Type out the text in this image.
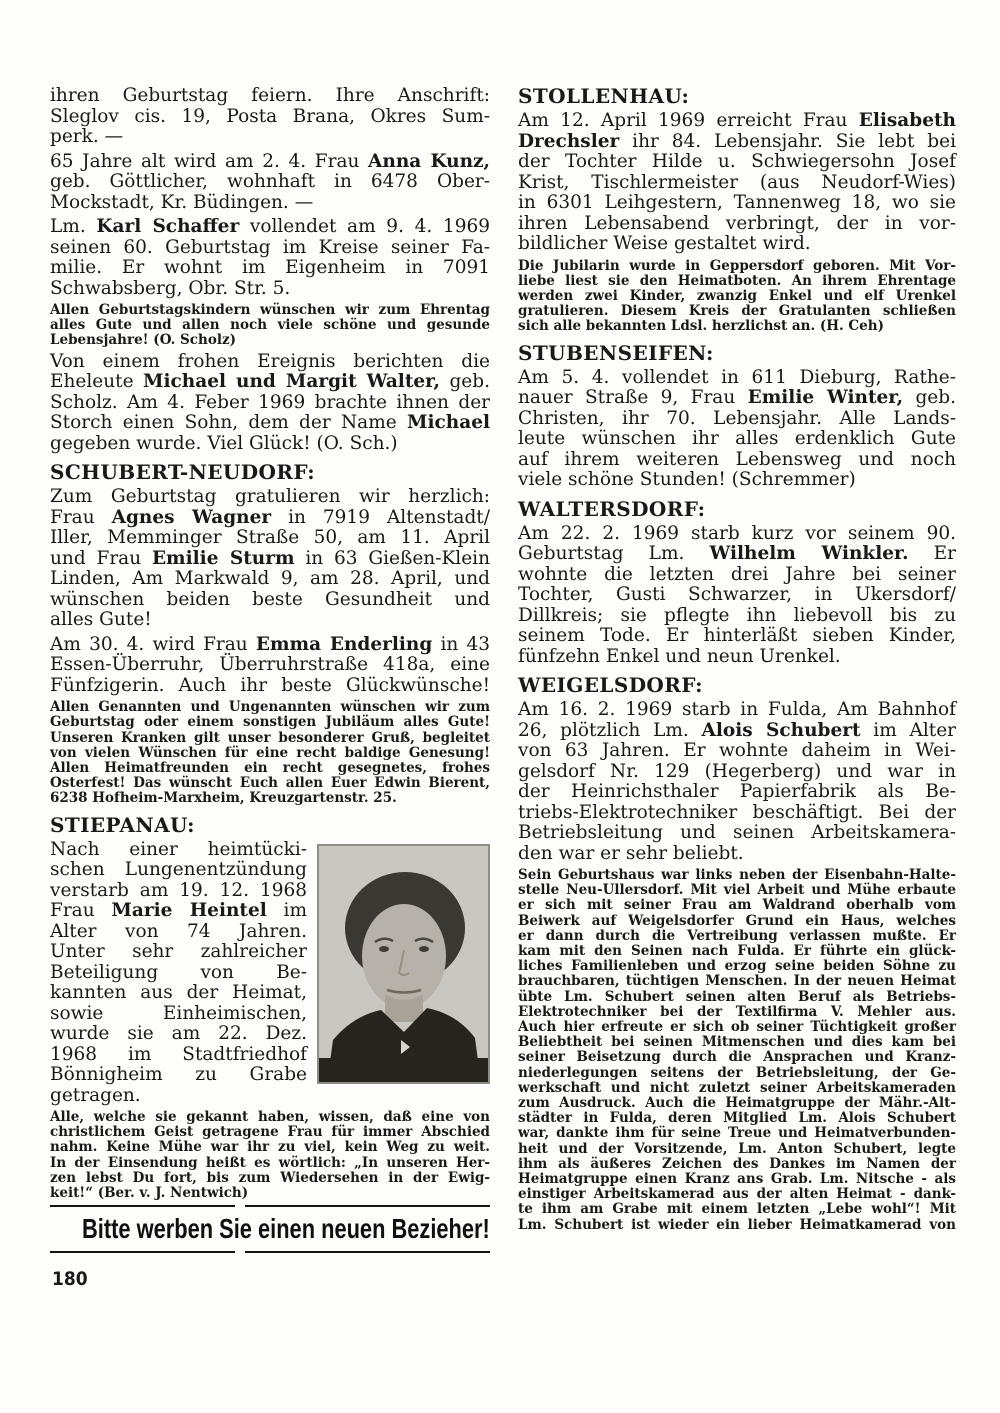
ihren Geburtstag feiern. Ihre Anschrift:
Sleglov cis. 19, Posta Brana, Okres Sum-
perk. —
65 Jahre alt wird am 2. 4. Frau Anna Kunz,
geb. Göttlicher, wohnhaft in 6478 Ober-
Mockstadt, Kr. Büdingen. —
Lm. Karl Schaffer vollendet am 9. 4. 1969
seinen 60. Geburtstag im Kreise seiner Fa-
milie. Er wohnt im Eigenheim in 7091
Schwabsberg, Obr. Str. 5.
Allen Geburtstagskindern wünschen wir zum Ehrentag
alles Gute und allen noch viele schöne und gesunde
Lebensjahre! (O. Scholz)
Von einem frohen Ereignis berichten die
Eheleute Michael und Margit Walter, geb.
Scholz. Am 4. Feber 1969 brachte ihnen der
Storch einen Sohn, dem der Name Michael
gegeben wurde. Viel Glück! (O. Sch.)
SCHUBERT-NEUDORF:
Zum Geburtstag gratulieren wir herzlich:
Frau Agnes Wagner in 7919 Altenstadt/
Iller, Memminger Straße 50, am 11. April
und Frau Emilie Sturm in 63 Gießen-Klein
Linden, Am Markwald 9, am 28. April, und
wünschen beiden beste Gesundheit und
alles Gute!
Am 30. 4. wird Frau Emma Enderling in 43
Essen-Überruhr, Überruhrstraße 418a, eine
Fünfzigerin. Auch ihr beste Glückwünsche!
Allen Genannten und Ungenannten wünschen wir zum
Geburtstag oder einem sonstigen Jubiläum alles Gute!
Unseren Kranken gilt unser besonderer Gruß, begleitet
von vielen Wünschen für eine recht baldige Genesung!
Allen Heimatfreunden ein recht gesegnetes, frohes
Osterfest! Das wünscht Euch allen Euer Edwin Bierent,
6238 Hofheim-Marxheim, Kreuzgartenstr. 25.
STIEPANAU:
Nach einer heimtücki-
schen Lungenentzündung
verstarb am 19. 12. 1968
Frau Marie Heintel im
Alter von 74 Jahren.
Unter sehr zahlreicher
Beteiligung von Be-
kannten aus der Heimat,
sowie Einheimischen,
wurde sie am 22. Dez.
1968 im Stadtfriedhof
Bönnigheim zu Grabe
getragen.
Alle, welche sie gekannt haben, wissen, daß eine von
christlichem Geist getragene Frau für immer Abschied
nahm. Keine Mühe war ihr zu viel, kein Weg zu weit.
In der Einsendung heißt es wörtlich: „In unseren Her-
zen lebst Du fort, bis zum Wiedersehen in der Ewig-
keit!“ (Ber. v. J. Nentwich)
STOLLENHAU:
Am 12. April 1969 erreicht Frau Elisabeth
Drechsler ihr 84. Lebensjahr. Sie lebt bei
der Tochter Hilde u. Schwiegersohn Josef
Krist, Tischlermeister (aus Neudorf-Wies)
in 6301 Leihgestern, Tannenweg 18, wo sie
ihren Lebensabend verbringt, der in vor-
bildlicher Weise gestaltet wird.
Die Jubilarin wurde in Geppersdorf geboren. Mit Vor-
liebe liest sie den Heimatboten. An ihrem Ehrentage
werden zwei Kinder, zwanzig Enkel und elf Urenkel
gratulieren. Diesem Kreis der Gratulanten schließen
sich alle bekannten Ldsl. herzlichst an. (H. Ceh)
STUBENSEIFEN:
Am 5. 4. vollendet in 611 Dieburg, Rathe-
nauer Straße 9, Frau Emilie Winter, geb.
Christen, ihr 70. Lebensjahr. Alle Lands-
leute wünschen ihr alles erdenklich Gute
auf ihrem weiteren Lebensweg und noch
viele schöne Stunden! (Schremmer)
WALTERSDORF:
Am 22. 2. 1969 starb kurz vor seinem 90.
Geburtstag Lm. Wilhelm Winkler. Er
wohnte die letzten drei Jahre bei seiner
Tochter, Gusti Schwarzer, in Ukersdorf/
Dillkreis; sie pflegte ihn liebevoll bis zu
seinem Tode. Er hinterläßt sieben Kinder,
fünfzehn Enkel und neun Urenkel.
WEIGELSDORF:
Am 16. 2. 1969 starb in Fulda, Am Bahnhof
26, plötzlich Lm. Alois Schubert im Alter
von 63 Jahren. Er wohnte daheim in Wei-
gelsdorf Nr. 129 (Hegerberg) und war in
der Heinrichsthaler Papierfabrik als Be-
triebs-Elektrotechniker beschäftigt. Bei der
Betriebsleitung und seinen Arbeitskamera-
den war er sehr beliebt.
Sein Geburtshaus war links neben der Eisenbahn-Halte-
stelle Neu-Ullersdorf. Mit viel Arbeit und Mühe erbaute
er sich mit seiner Frau am Waldrand oberhalb vom
Beiwerk auf Weigelsdorfer Grund ein Haus, welches
er dann durch die Vertreibung verlassen mußte. Er
kam mit den Seinen nach Fulda. Er führte ein glück-
liches Familienleben und erzog seine beiden Söhne zu
brauchbaren, tüchtigen Menschen. In der neuen Heimat
übte Lm. Schubert seinen alten Beruf als Betriebs-
Elektrotechniker bei der Textilfirma V. Mehler aus.
Auch hier erfreute er sich ob seiner Tüchtigkeit großer
Beliebtheit bei seinen Mitmenschen und dies kam bei
seiner Beisetzung durch die Ansprachen und Kranz-
niederlegungen seitens der Betriebsleitung, der Ge-
werkschaft und nicht zuletzt seiner Arbeitskameraden
zum Ausdruck. Auch die Heimatgruppe der Mähr.-Alt-
städter in Fulda, deren Mitglied Lm. Alois Schubert
war, dankte ihm für seine Treue und Heimatverbunden-
heit und der Vorsitzende, Lm. Anton Schubert, legte
ihm als äußeres Zeichen des Dankes im Namen der
Heimatgruppe einen Kranz ans Grab. Lm. Nitsche - als
einstiger Arbeitskamerad aus der alten Heimat - dank-
te ihm am Grabe mit einem letzten „Lebe wohl“! Mit
Lm. Schubert ist wieder ein lieber Heimatkamerad von
Bitte werben Sie einen neuen Bezieher!
180
